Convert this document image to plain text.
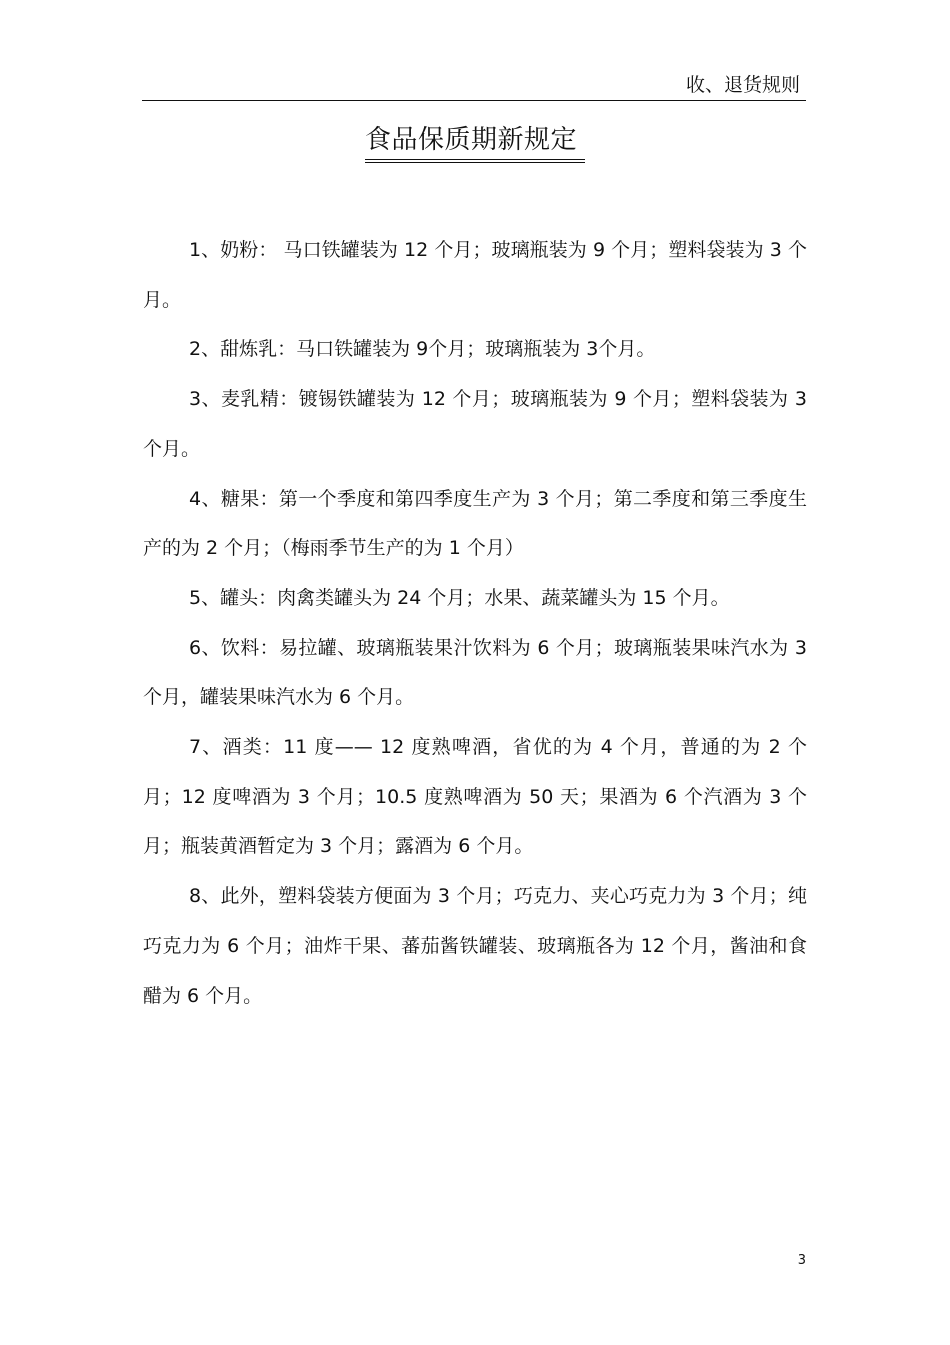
收、退货规则
食品保质期新规定

1、奶粉： 马口铁罐装为 12 个月；玻璃瓶装为 9 个月；塑料袋装为 3 个月。

2、甜炼乳：马口铁罐装为 9个月；玻璃瓶装为 3个月。

3、麦乳精：镀锡铁罐装为 12 个月；玻璃瓶装为 9 个月；塑料袋装为 3 个月。

4、糖果：第一个季度和第四季度生产为 3 个月；第二季度和第三季度生产的为 2 个月；（梅雨季节生产的为 1 个月）

5、罐头：肉禽类罐头为 24 个月；水果、蔬菜罐头为 15 个月。

6、饮料：易拉罐、玻璃瓶装果汁饮料为 6 个月；玻璃瓶装果味汽水为 3 个月，罐装果味汽水为 6 个月。

7、酒类：11 度—— 12 度熟啤酒，省优的为 4 个月，普通的为 2 个月；12 度啤酒为 3 个月；10.5 度熟啤酒为 50 天；果酒为 6 个汽酒为 3 个月；瓶装黄酒暂定为 3 个月；露酒为 6 个月。

8、此外，塑料袋装方便面为 3 个月；巧克力、夹心巧克力为 3 个月；纯巧克力为 6 个月；油炸干果、蕃茄酱铁罐装、玻璃瓶各为 12 个月，酱油和食醋为 6 个月。

3
